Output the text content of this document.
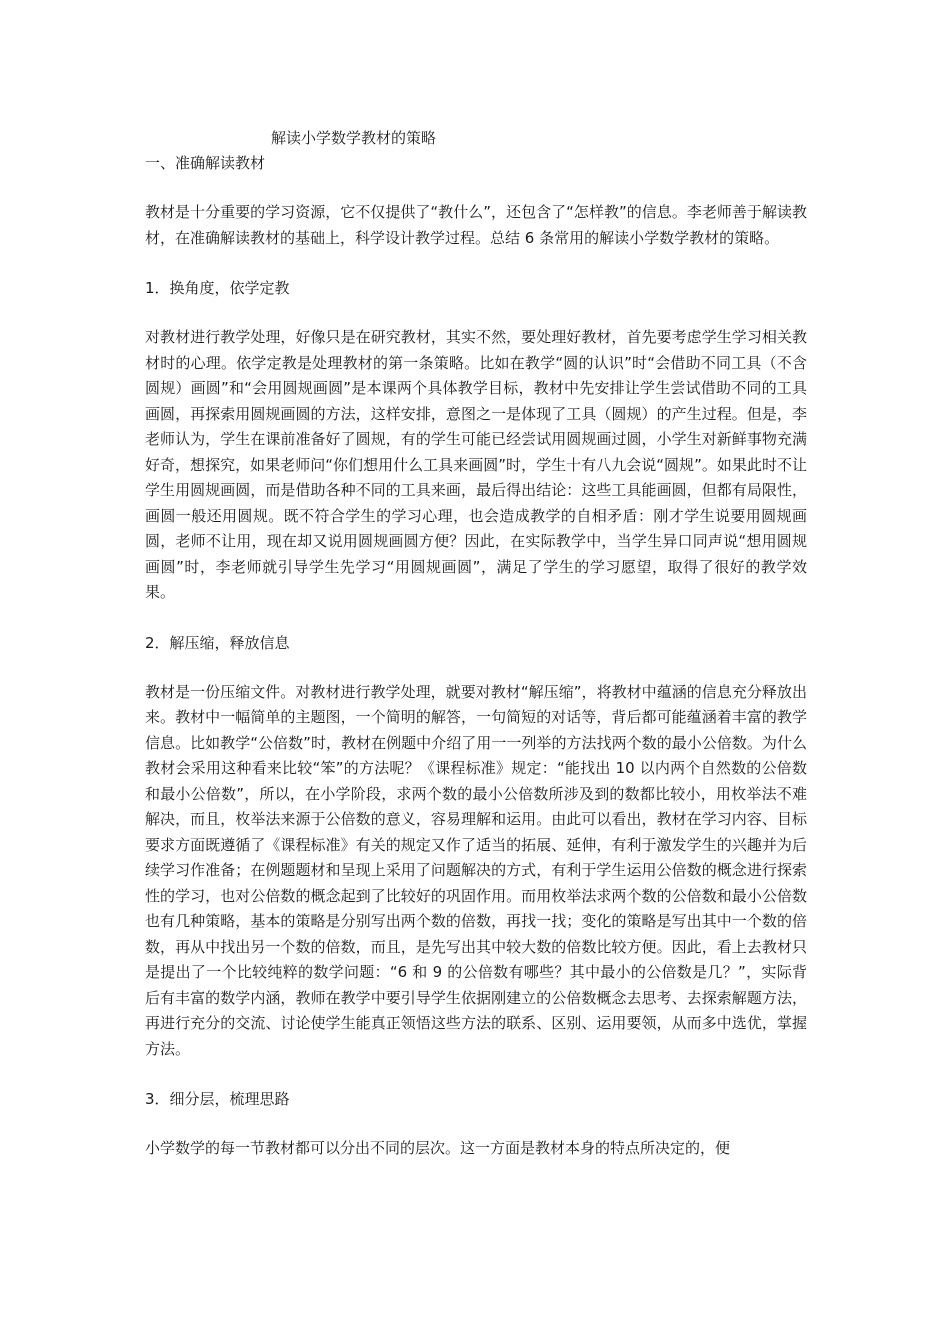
解读小学数学教材的策略

一、准确解读教材

教材是十分重要的学习资源，它不仅提供了“教什么”，还包含了“怎样教”的信息。李老师善于解读教材，在准确解读教材的基础上，科学设计教学过程。总结 6 条常用的解读小学数学教材的策略。

1．换角度，依学定教

对教材进行教学处理，好像只是在研究教材，其实不然，要处理好教材，首先要考虑学生学习相关教材时的心理。依学定教是处理教材的第一条策略。比如在教学“圆的认识”时“会借助不同工具（不含圆规）画圆”和“会用圆规画圆”是本课两个具体教学目标，教材中先安排让学生尝试借助不同的工具画圆，再探索用圆规画圆的方法，这样安排，意图之一是体现了工具（圆规）的产生过程。但是，李老师认为，学生在课前准备好了圆规，有的学生可能已经尝试用圆规画过圆，小学生对新鲜事物充满好奇，想探究，如果老师问“你们想用什么工具来画圆”时，学生十有八九会说“圆规”。如果此时不让学生用圆规画圆，而是借助各种不同的工具来画，最后得出结论：这些工具能画圆，但都有局限性，画圆一般还用圆规。既不符合学生的学习心理，也会造成教学的自相矛盾：刚才学生说要用圆规画圆，老师不让用，现在却又说用圆规画圆方便？因此，在实际教学中，当学生异口同声说“想用圆规画圆”时，李老师就引导学生先学习“用圆规画圆”，满足了学生的学习愿望，取得了很好的教学效果。

2．解压缩，释放信息

教材是一份压缩文件。对教材进行教学处理，就要对教材“解压缩”，将教材中蕴涵的信息充分释放出来。教材中一幅简单的主题图，一个简明的解答，一句简短的对话等，背后都可能蕴涵着丰富的教学信息。比如教学“公倍数”时，教材在例题中介绍了用一一列举的方法找两个数的最小公倍数。为什么教材会采用这种看来比较“笨”的方法呢？《课程标准》规定：“能找出 10 以内两个自然数的公倍数和最小公倍数”，所以，在小学阶段，求两个数的最小公倍数所涉及到的数都比较小，用枚举法不难解决，而且，枚举法来源于公倍数的意义，容易理解和运用。由此可以看出，教材在学习内容、目标要求方面既遵循了《课程标准》有关的规定又作了适当的拓展、延伸，有利于激发学生的兴趣并为后续学习作准备；在例题题材和呈现上采用了问题解决的方式，有利于学生运用公倍数的概念进行探索性的学习，也对公倍数的概念起到了比较好的巩固作用。而用枚举法求两个数的公倍数和最小公倍数也有几种策略，基本的策略是分别写出两个数的倍数，再找一找；变化的策略是写出其中一个数的倍数，再从中找出另一个数的倍数，而且，是先写出其中较大数的倍数比较方便。因此，看上去教材只是提出了一个比较纯粹的数学问题：“6 和 9 的公倍数有哪些？其中最小的公倍数是几？”，实际背后有丰富的数学内涵，教师在教学中要引导学生依据刚建立的公倍数概念去思考、去探索解题方法，再进行充分的交流、讨论使学生能真正领悟这些方法的联系、区别、运用要领，从而多中选优，掌握方法。

3．细分层，梳理思路

小学数学的每一节教材都可以分出不同的层次。这一方面是教材本身的特点所决定的，便
